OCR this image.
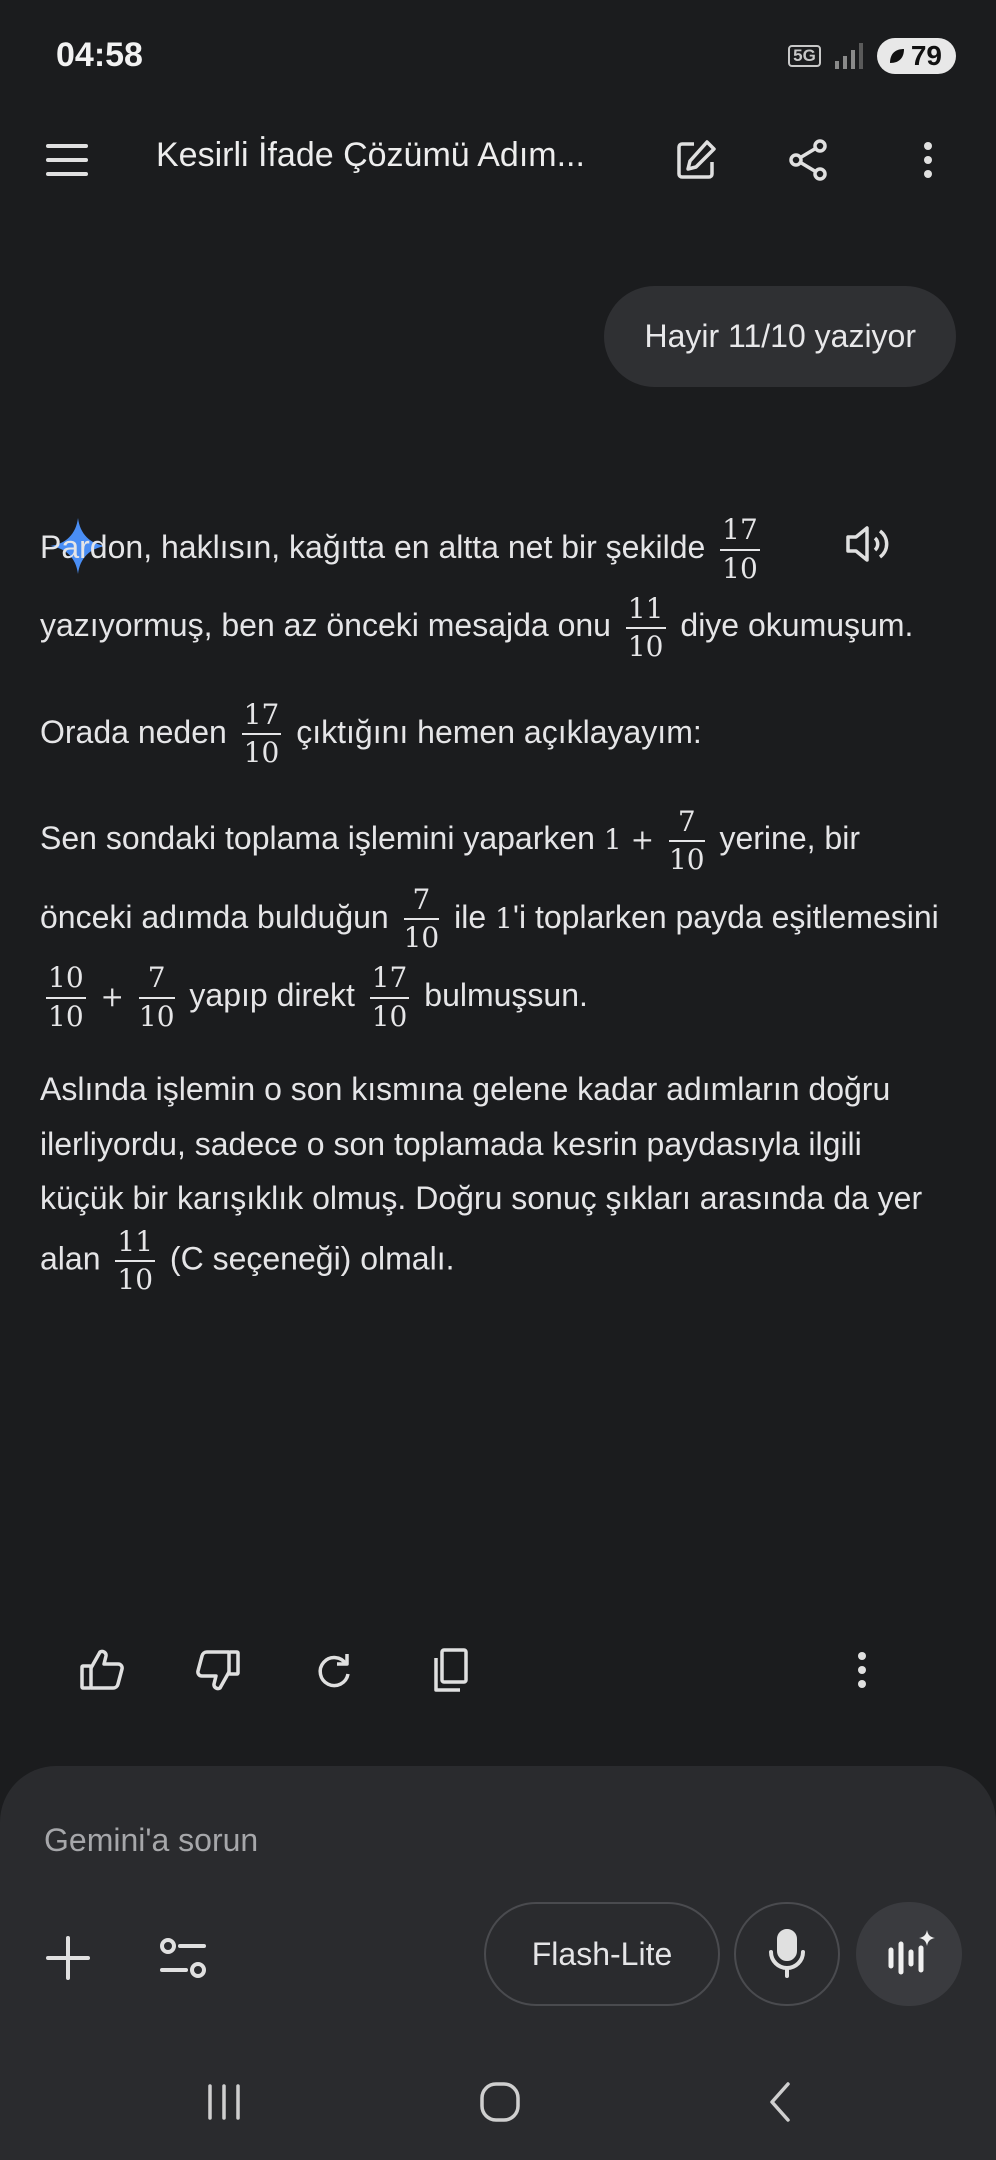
04:58	5G	79
Kesirli İfade Çözümü Adım...
Hayir 11/10 yaziyor

Pardon, haklısın, kağıtta en altta net bir şekilde $\frac{17}{10}$
yazıyormuş, ben az önceki mesajda onu $\frac{11}{10}$ diye okumuşum.

Orada neden $\frac{17}{10}$ çıktığını hemen açıklayayım:

Sen sondaki toplama işlemini yaparken $1 + \frac{7}{10}$ yerine, bir önceki adımda bulduğun $\frac{7}{10}$ ile 1'i toplarken payda eşitlemesini
$\frac{10}{10} + \frac{7}{10}$ yapıp direkt $\frac{17}{10}$ bulmuşsun.

Aslında işlemin o son kısmına gelene kadar adımların doğru ilerliyordu, sadece o son toplamada kesrin paydasıyla ilgili küçük bir karışıklık olmuş. Doğru sonuç şıkları arasında da yer alan $\frac{11}{10} (C$ seçeneği) olmalı.

Gemini'a sorun
Flash-Lite
